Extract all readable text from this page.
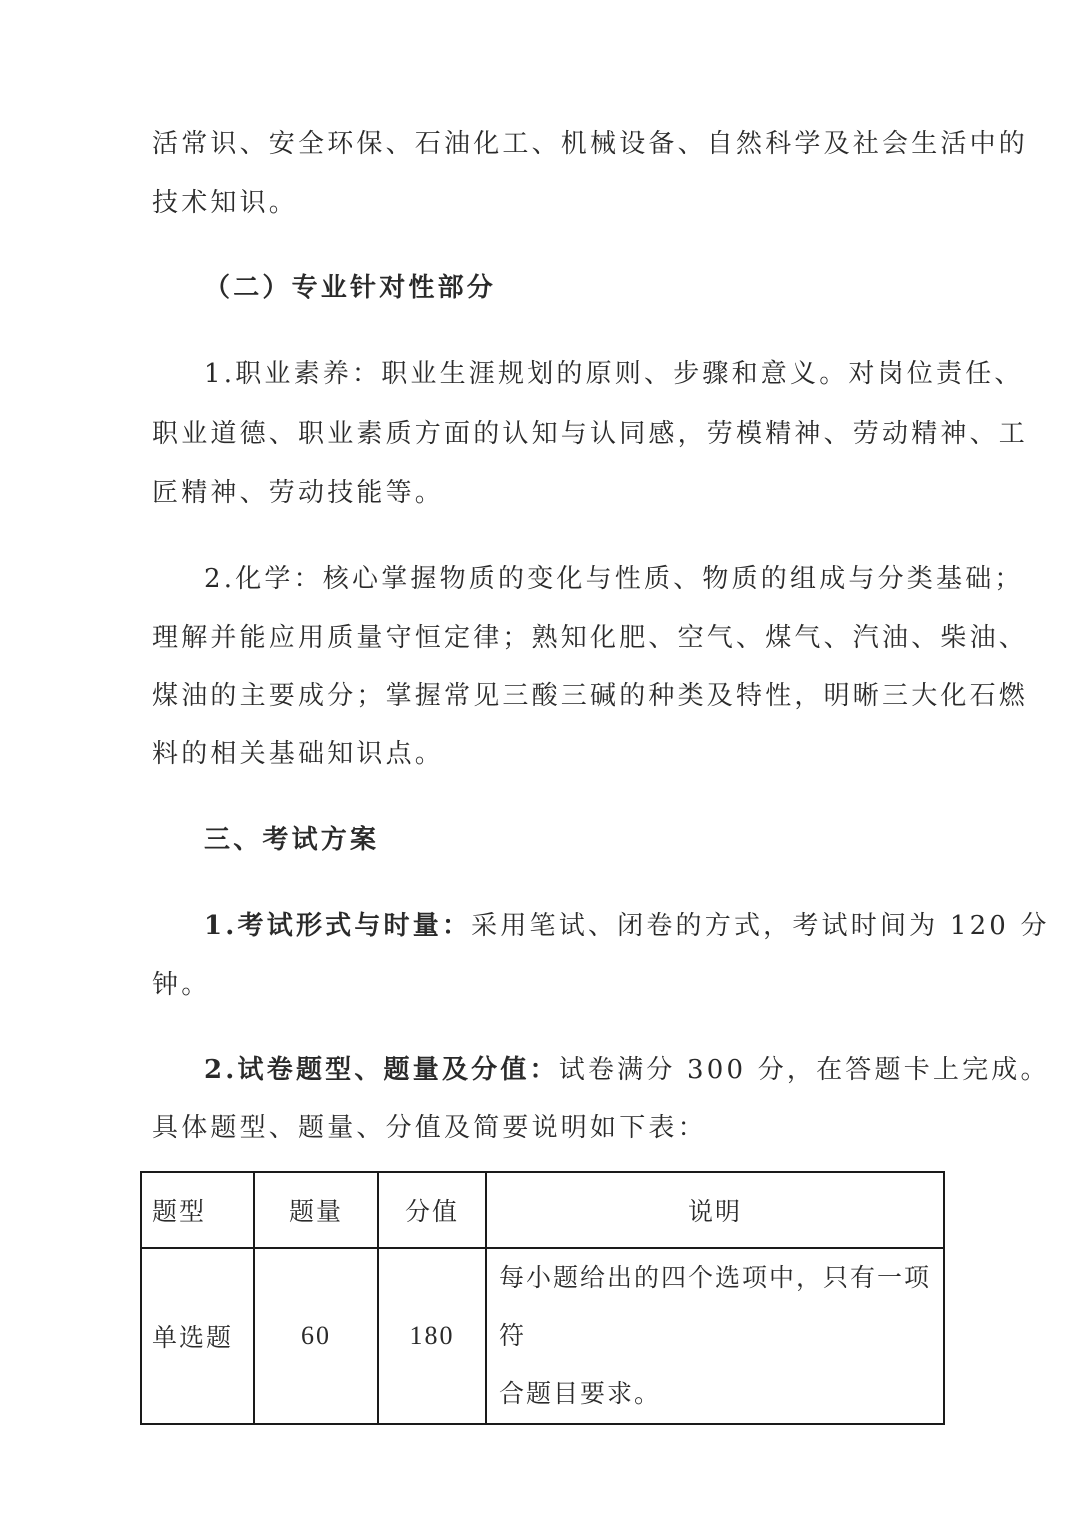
活常识、安全环保、石油化工、机械设备、自然科学及社会生活中的
技术知识。
（二）专业针对性部分
1.职业素养：职业生涯规划的原则、步骤和意义。对岗位责任、
职业道德、职业素质方面的认知与认同感，劳模精神、劳动精神、工
匠精神、劳动技能等。
2.化学：核心掌握物质的变化与性质、物质的组成与分类基础；
理解并能应用质量守恒定律；熟知化肥、空气、煤气、汽油、柴油、
煤油的主要成分；掌握常见三酸三碱的种类及特性，明晰三大化石燃
料的相关基础知识点。
三、考试方案
1.考试形式与时量：采用笔试、闭卷的方式，考试时间为 120 分
钟。
2.试卷题型、题量及分值：试卷满分 300 分，在答题卡上完成。
具体题型、题量、分值及简要说明如下表：
题型	题量	分值	说明
单选题	60	180	每小题给出的四个选项中，只有一项符
合题目要求。
